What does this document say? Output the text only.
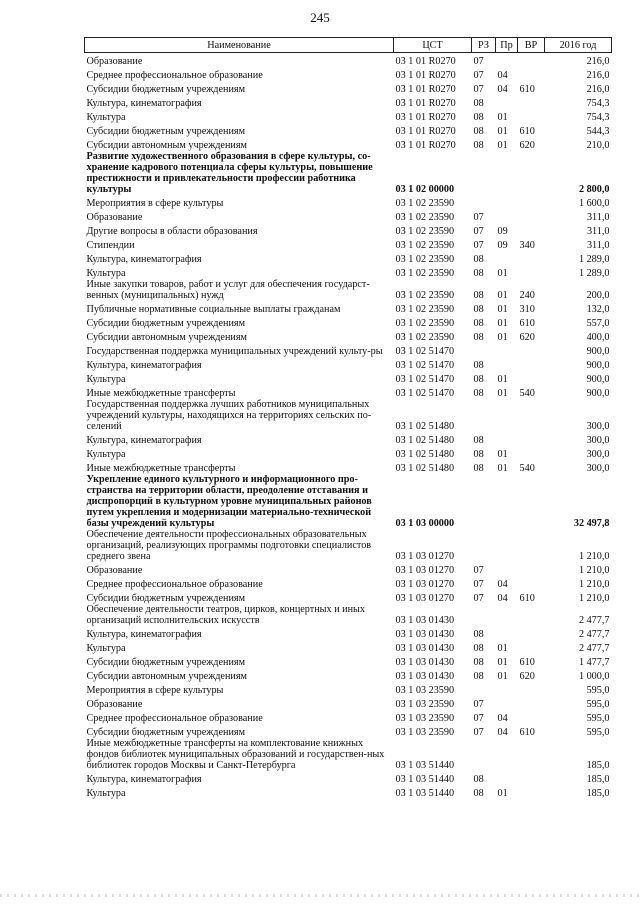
245
Наименование	ЦСТ	РЗ	Пр	ВР	2016 год
Образование	03 1 01 R0270	07			216,0
Среднее профессиональное образование	03 1 01 R0270	07	04		216,0
Субсидии бюджетным учреждениям	03 1 01 R0270	07	04	610	216,0
Культура, кинематография	03 1 01 R0270	08			754,3
Культура	03 1 01 R0270	08	01		754,3
Субсидии бюджетным учреждениям	03 1 01 R0270	08	01	610	544,3
Субсидии автономным учреждениям	03 1 01 R0270	08	01	620	210,0
Развитие художественного образования в сфере культуры, со-хранение кадрового потенциала сферы культуры, повышение престижности и привлекательности профессии работника культуры	03 1 02 00000				2 800,0
Мероприятия в сфере культуры	03 1 02 23590				1 600,0
Образование	03 1 02 23590	07			311,0
Другие вопросы в области образования	03 1 02 23590	07	09		311,0
Стипендии	03 1 02 23590	07	09	340	311,0
Культура, кинематография	03 1 02 23590	08			1 289,0
Культура	03 1 02 23590	08	01		1 289,0
Иные закупки товаров, работ и услуг для обеспечения государст-венных (муниципальных) нужд	03 1 02 23590	08	01	240	200,0
Публичные нормативные социальные выплаты гражданам	03 1 02 23590	08	01	310	132,0
Субсидии бюджетным учреждениям	03 1 02 23590	08	01	610	557,0
Субсидии автономным учреждениям	03 1 02 23590	08	01	620	400,0
Государственная поддержка муниципальных учреждений культу-ры	03 1 02 51470				900,0
Культура, кинематография	03 1 02 51470	08			900,0
Культура	03 1 02 51470	08	01		900,0
Иные межбюджетные трансферты	03 1 02 51470	08	01	540	900,0
Государственная поддержка лучших работников муниципальных учреждений культуры, находящихся на территориях сельских по-селений	03 1 02 51480				300,0
Культура, кинематография	03 1 02 51480	08			300,0
Культура	03 1 02 51480	08	01		300,0
Иные межбюджетные трансферты	03 1 02 51480	08	01	540	300,0
Укрепление единого культурного и информационного про-странства на территории области, преодоление отставания и диспропорций в культурном уровне муниципальных районов путем укрепления и модернизации материально-технической базы учреждений культуры	03 1 03 00000				32 497,8
Обеспечение деятельности профессиональных образовательных организаций, реализующих программы подготовки специалистов среднего звена	03 1 03 01270				1 210,0
Образование	03 1 03 01270	07			1 210,0
Среднее профессиональное образование	03 1 03 01270	07	04		1 210,0
Субсидии бюджетным учреждениям	03 1 03 01270	07	04	610	1 210,0
Обеспечение деятельности театров, цирков, концертных и иных организаций исполнительских искусств	03 1 03 01430				2 477,7
Культура, кинематография	03 1 03 01430	08			2 477,7
Культура	03 1 03 01430	08	01		2 477,7
Субсидии бюджетным учреждениям	03 1 03 01430	08	01	610	1 477,7
Субсидии автономным учреждениям	03 1 03 01430	08	01	620	1 000,0
Мероприятия в сфере культуры	03 1 03 23590				595,0
Образование	03 1 03 23590	07			595,0
Среднее профессиональное образование	03 1 03 23590	07	04		595,0
Субсидии бюджетным учреждениям	03 1 03 23590	07	04	610	595,0
Иные межбюджетные трансферты на комплектование книжных фондов библиотек муниципальных образований и государствен-ных библиотек городов Москвы и Санкт-Петербурга	03 1 03 51440				185,0
Культура, кинематография	03 1 03 51440	08			185,0
Культура	03 1 03 51440	08	01		185,0
